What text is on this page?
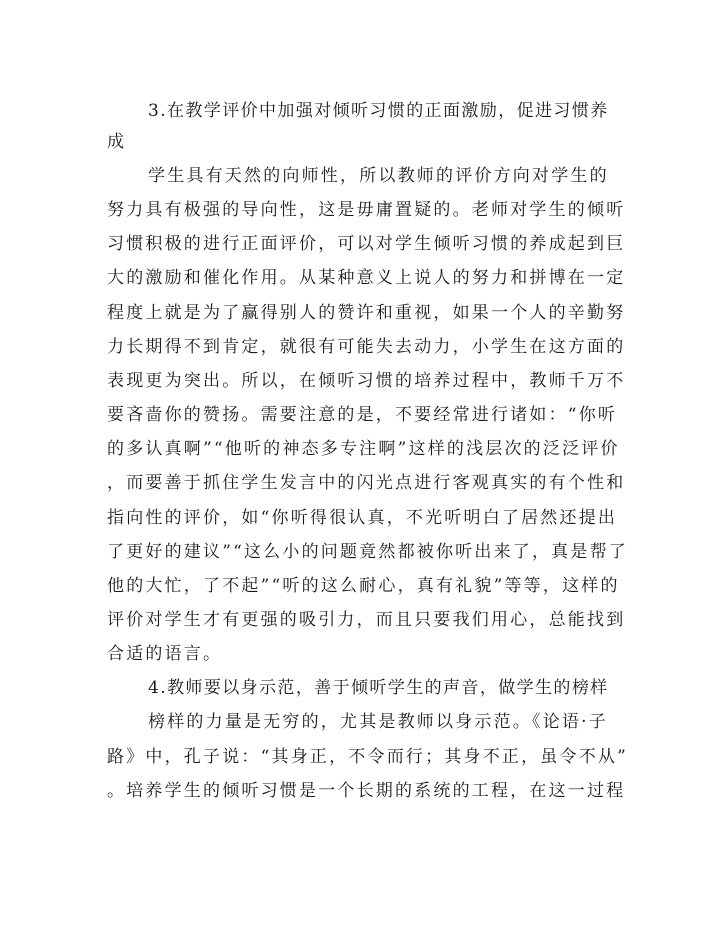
3.在教学评价中加强对倾听习惯的正面激励，促进习惯养
成
学生具有天然的向师性，所以教师的评价方向对学生的
努力具有极强的导向性，这是毋庸置疑的。老师对学生的倾听
习惯积极的进行正面评价，可以对学生倾听习惯的养成起到巨
大的激励和催化作用。从某种意义上说人的努力和拼博在一定
程度上就是为了赢得别人的赞许和重视，如果一个人的辛勤努
力长期得不到肯定，就很有可能失去动力，小学生在这方面的
表现更为突出。所以，在倾听习惯的培养过程中，教师千万不
要吝啬你的赞扬。需要注意的是，不要经常进行诸如：“你听
的多认真啊”“他听的神态多专注啊”这样的浅层次的泛泛评价
，而要善于抓住学生发言中的闪光点进行客观真实的有个性和
指向性的评价，如“你听得很认真，不光听明白了居然还提出
了更好的建议”“这么小的问题竟然都被你听出来了，真是帮了
他的大忙，了不起”“听的这么耐心，真有礼貌”等等，这样的
评价对学生才有更强的吸引力，而且只要我们用心，总能找到
合适的语言。
4.教师要以身示范，善于倾听学生的声音，做学生的榜样
榜样的力量是无穷的，尤其是教师以身示范。《论语·子
路》中，孔子说：“其身正，不令而行；其身不正，虽令不从”
。培养学生的倾听习惯是一个长期的系统的工程，在这一过程
